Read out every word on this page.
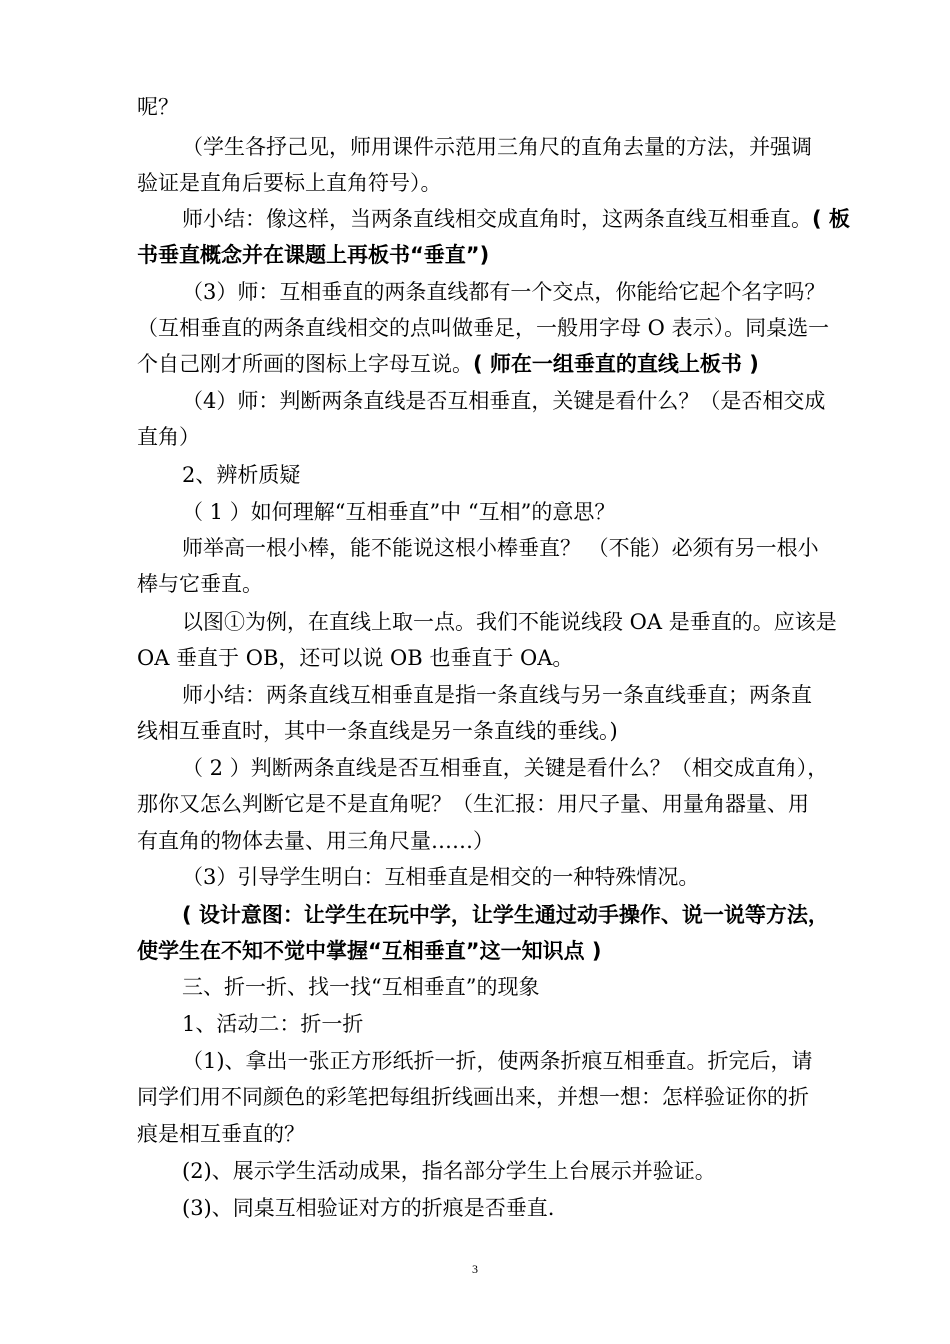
呢？
（学生各抒己见，师用课件示范用三角尺的直角去量的方法，并强调
验证是直角后要标上直角符号）。
师小结：像这样，当两条直线相交成直角时，这两条直线互相垂直。( 板
书垂直概念并在课题上再板书“垂直”)
（3）师：互相垂直的两条直线都有一个交点，你能给它起个名字吗？
（互相垂直的两条直线相交的点叫做垂足，一般用字母 O 表示）。同桌选一
个自己刚才所画的图标上字母互说。( 师在一组垂直的直线上板书 )
（4）师：判断两条直线是否互相垂直，关键是看什么？（是否相交成
直角）
2、辨析质疑
（ 1 ）如何理解“互相垂直”中 “互相”的意思？
师举高一根小棒，能不能说这根小棒垂直？ （不能）必须有另一根小
棒与它垂直。
以图①为例，在直线上取一点。我们不能说线段 OA 是垂直的。应该是
OA 垂直于 OB，还可以说 OB 也垂直于 OA。
师小结：两条直线互相垂直是指一条直线与另一条直线垂直；两条直
线相互垂直时，其中一条直线是另一条直线的垂线。)
（ 2 ）判断两条直线是否互相垂直，关键是看什么？（相交成直角），
那你又怎么判断它是不是直角呢？（生汇报：用尺子量、用量角器量、用
有直角的物体去量、用三角尺量……）
（3）引导学生明白：互相垂直是相交的一种特殊情况。
( 设计意图：让学生在玩中学，让学生通过动手操作、说一说等方法，
使学生在不知不觉中掌握“互相垂直”这一知识点 )
三、折一折、找一找“互相垂直”的现象
1、活动二：折一折
（1)、拿出一张正方形纸折一折，使两条折痕互相垂直。折完后，请
同学们用不同颜色的彩笔把每组折线画出来，并想一想：怎样验证你的折
痕是相互垂直的？
(2)、展示学生活动成果，指名部分学生上台展示并验证。
(3)、同桌互相验证对方的折痕是否垂直.
3
